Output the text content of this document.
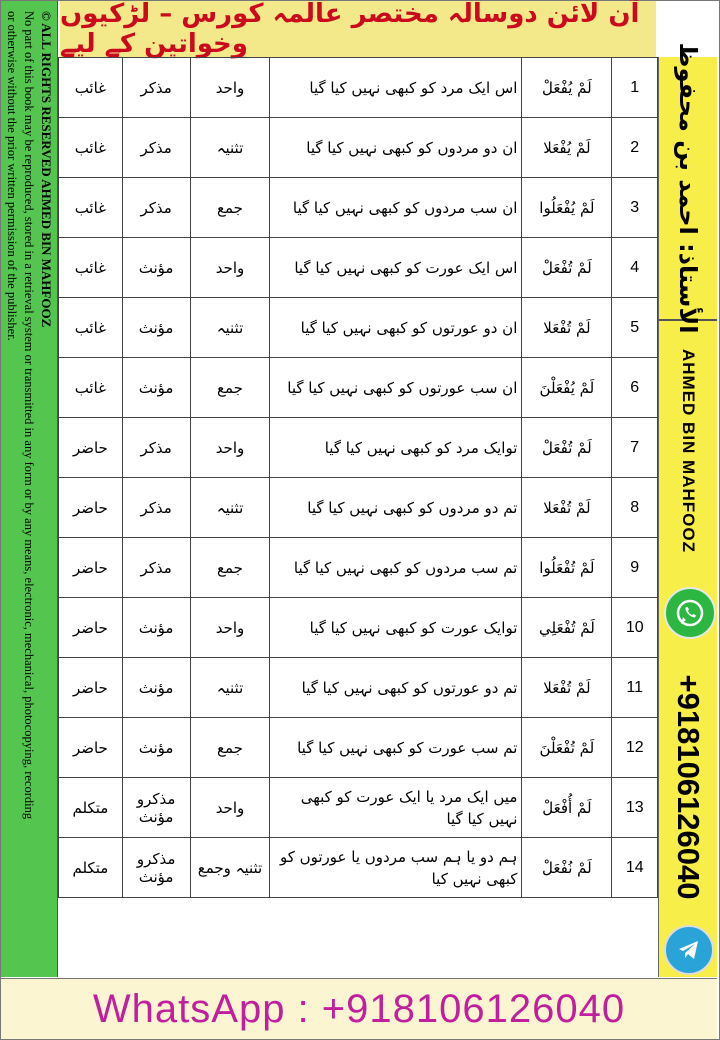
آن لائن دوسالہ مختصر عالمہ کورس – لڑکیوں وخواتین کے لیے
© ALL RIGHTS RESERVED AHMED BIN MAHFOOZ
No part of this book may be reproduced, stored in a retrieval system or transmitted in any form or by any means, electronic, mechanical, photocopying, recording
or otherwise without the prior written permission of the publisher.	غائب	مذکر	واحد	اس ایک مرد کو کبھی نہیں کیا گیا	لَمْ يُفْعَلْ	1
غائب	مذکر	تثنیہ	ان دو مردوں کو کبھی نہیں کیا گیا	لَمْ يُفْعَلا	2
غائب	مذکر	جمع	ان سب مردوں کو کبھی نہیں کیا گیا	لَمْ يُفْعَلُوا	3
غائب	مؤنث	واحد	اس ایک عورت کو کبھی نہیں کیا گیا	لَمْ تُفْعَلْ	4
غائب	مؤنث	تثنیہ	ان دو عورتوں کو کبھی نہیں کیا گیا	لَمْ تُفْعَلا	5
غائب	مؤنث	جمع	ان سب عورتوں کو کبھی نہیں کیا گیا	لَمْ يُفْعَلْنَ	6
حاضر	مذکر	واحد	توایک مرد کو کبھی نہیں کیا گیا	لَمْ تُفْعَلْ	7
حاضر	مذکر	تثنیہ	تم دو مردوں کو کبھی نہیں کیا گیا	لَمْ تُفْعَلا	8
حاضر	مذکر	جمع	تم سب مردوں کو کبھی نہیں کیا گیا	لَمْ تُفْعَلُوا	9
حاضر	مؤنث	واحد	توایک عورت کو کبھی نہیں کیا گیا	لَمْ تُفْعَلِي	10
حاضر	مؤنث	تثنیہ	تم دو عورتوں کو کبھی نہیں کیا گیا	لَمْ تُفْعَلا	11
حاضر	مؤنث	جمع	تم سب عورت کو کبھی نہیں کیا گیا	لَمْ تُفْعَلْنَ	12
متکلم	مذکرو مؤنث	واحد	میں ایک مرد یا ایک عورت کو کبھی نہیں کیا گیا	لَمْ أُفْعَلْ	13
متکلم	مذکرو مؤنث	تثنیہ وجمع	ہم دو یا ہم سب مردوں یا عورتوں کو کبھی نہیں کیا	لَمْ نُفْعَلْ	14
الأستاذ: احمد بن محفوظ
AHMED BIN MAHFOOZ
+918106126040
WhatsApp : +918106126040
